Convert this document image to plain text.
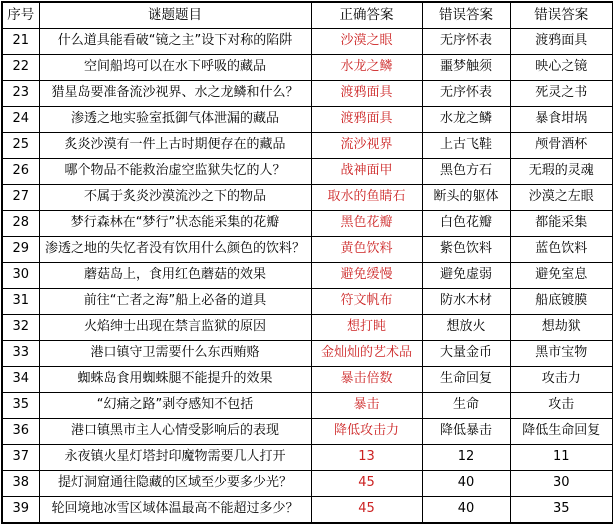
序号	谜题题目	正确答案	错误答案	错误答案
21	什么道具能看破“镜之主”设下对称的陷阱	沙漠之眼	无序怀表	渡鸦面具
22	空间船坞可以在水下呼吸的藏品	水龙之鳞	噩梦触须	映心之镜
23	猎星岛要准备流沙视界、水之龙鳞和什么？	渡鸦面具	无序怀表	死灵之书
24	渗透之地实验室抵御气体泄漏的藏品	渡鸦面具	水龙之鳞	暴食坩埚
25	炙炎沙漠有一件上古时期便存在的藏品	流沙视界	上古飞鞋	颅骨酒杯
26	哪个物品不能救治虚空监狱失忆的人？	战神面甲	黑色方石	无瑕的灵魂
27	不属于炙炎沙漠流沙之下的物品	取水的鱼睛石	断头的躯体	沙漠之左眼
28	梦行森林在“梦行”状态能采集的花瓣	黑色花瓣	白色花瓣	都能采集
29	渗透之地的失忆者没有饮用什么颜色的饮料？	黄色饮料	紫色饮料	蓝色饮料
30	蘑菇岛上，食用红色蘑菇的效果	避免缓慢	避免虚弱	避免室息
31	前往“亡者之海”船上必备的道具	符文帆布	防水木材	船底镀膜
32	火焰绅士出现在禁言监狱的原因	想打盹	想放火	想劫狱
33	港口镇守卫需要什么东西贿赂	金灿灿的艺术品	大量金币	黑市宝物
34	蜘蛛岛食用蜘蛛腿不能提升的效果	暴击倍数	生命回复	攻击力
35	“幻痛之路”剥夺感知不包括	暴击	生命	攻击
36	港口镇黑市主人心情受影响后的表现	降低攻击力	降低暴击	降低生命回复
37	永夜镇火星灯塔封印魔物需要几人打开	13	12	11
38	提灯洞窟通往隐藏的区域至少要多少光？	45	40	30
39	轮回境地冰雪区域体温最高不能超过多少？	45	40	35
